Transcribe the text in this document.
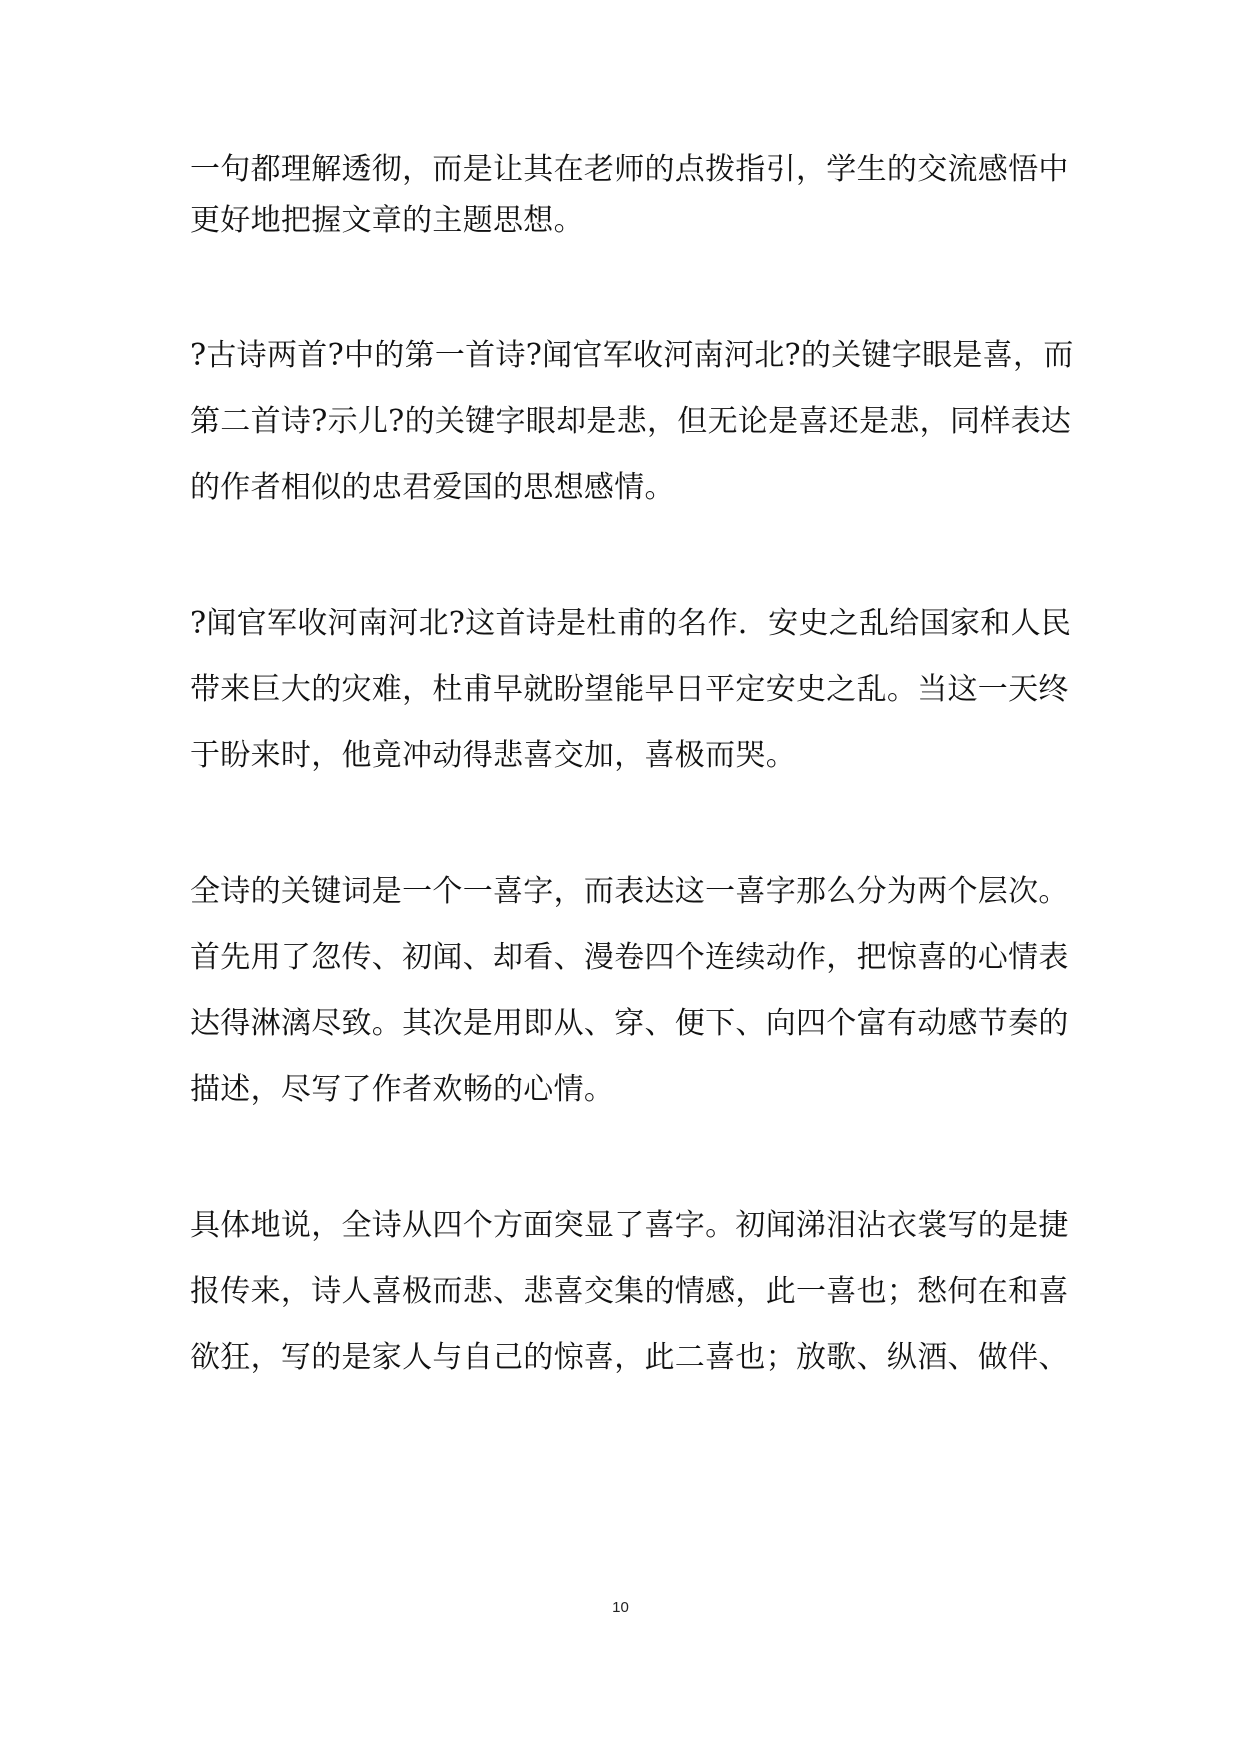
一句都理解透彻，而是让其在老师的点拨指引，学生的交流感悟中
更好地把握文章的主题思想。
?古诗两首?中的第一首诗?闻官军收河南河北?的关键字眼是喜，而
第二首诗?示儿?的关键字眼却是悲，但无论是喜还是悲，同样表达
的作者相似的忠君爱国的思想感情。
?闻官军收河南河北?这首诗是杜甫的名作．安史之乱给国家和人民
带来巨大的灾难，杜甫早就盼望能早日平定安史之乱。当这一天终
于盼来时，他竟冲动得悲喜交加，喜极而哭。
全诗的关键词是一个一喜字，而表达这一喜字那么分为两个层次。
首先用了忽传、初闻、却看、漫卷四个连续动作，把惊喜的心情表
达得淋漓尽致。其次是用即从、穿、便下、向四个富有动感节奏的
描述，尽写了作者欢畅的心情。
具体地说，全诗从四个方面突显了喜字。初闻涕泪沾衣裳写的是捷
报传来，诗人喜极而悲、悲喜交集的情感，此一喜也；愁何在和喜
欲狂，写的是家人与自己的惊喜，此二喜也；放歌、纵酒、做伴、
10
